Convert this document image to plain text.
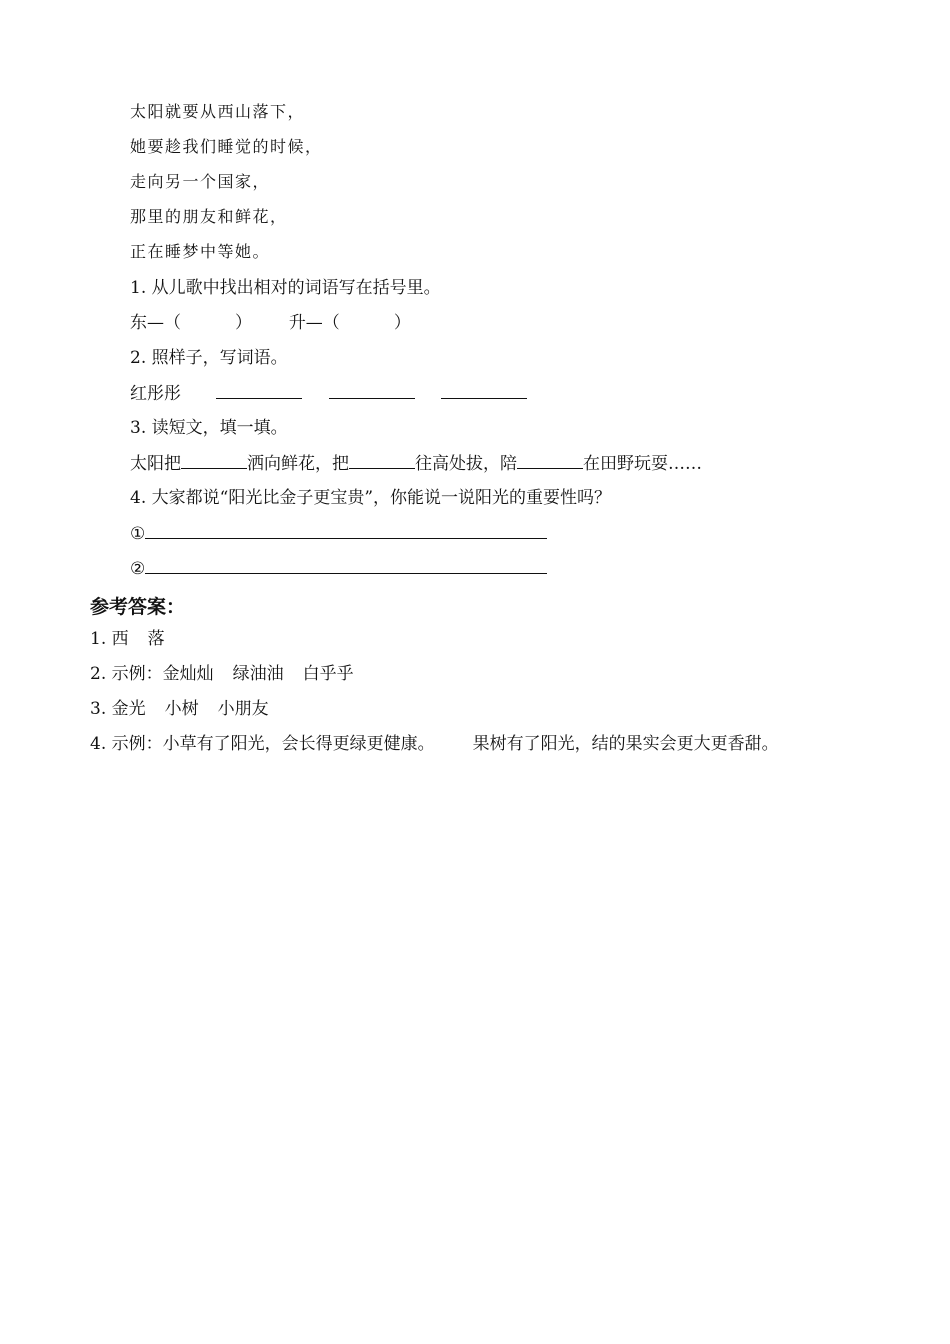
太阳就要从西山落下，
她要趁我们睡觉的时候，
走向另一个国家，
那里的朋友和鲜花，
正在睡梦中等她。
1. 从儿歌中找出相对的词语写在括号里。
东—（	） 升—（	）
2. 照样子，写词语。
红彤彤
3. 读短文，填一填。
太阳把	洒向鲜花，把	往高处拔，陪	在田野玩耍……
4. 大家都说“阳光比金子更宝贵”，你能说一说阳光的重要性吗？
①
②
参考答案：
1. 西 落
2. 示例：金灿灿 绿油油 白乎乎
3. 金光 小树 小朋友
4. 示例：小草有了阳光，会长得更绿更健康。 果树有了阳光，结的果实会更大更香甜。
